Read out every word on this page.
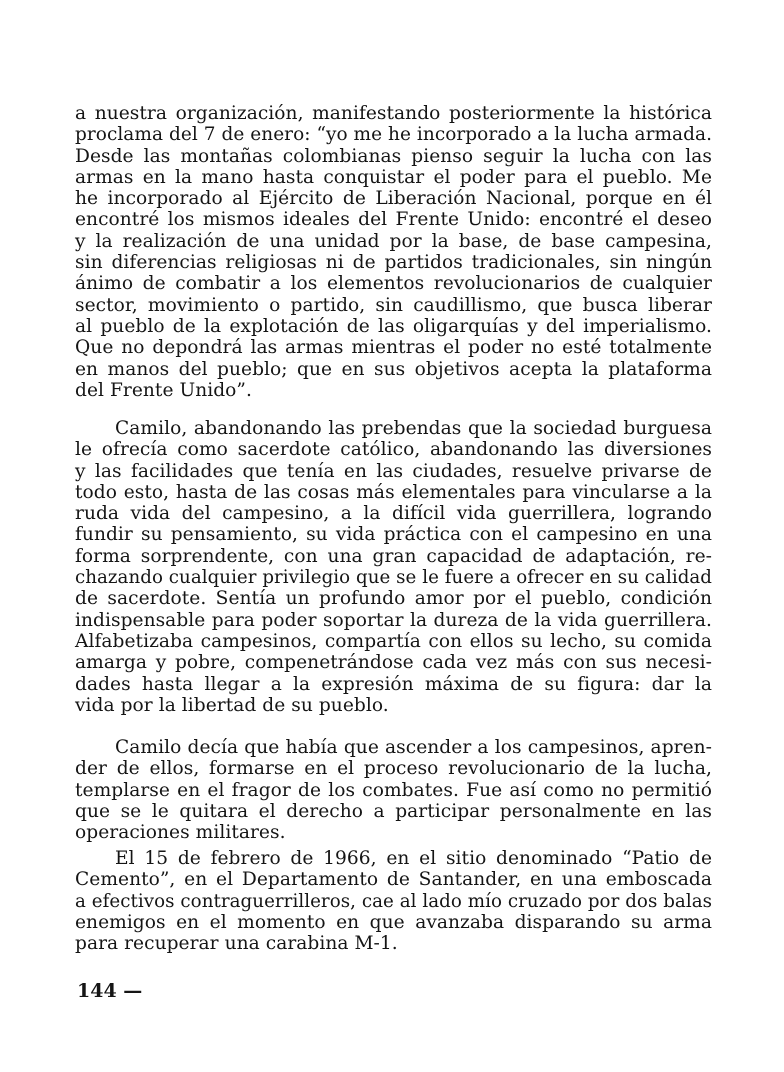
a nuestra organización, manifestando posteriormente la histórica
proclama del 7 de enero: “yo me he incorporado a la lucha armada.
Desde las montañas colombianas pienso seguir la lucha con las
armas en la mano hasta conquistar el poder para el pueblo. Me
he incorporado al Ejército de Liberación Nacional, porque en él
encontré los mismos ideales del Frente Unido: encontré el deseo
y la realización de una unidad por la base, de base campesina,
sin diferencias religiosas ni de partidos tradicionales, sin ningún
ánimo de combatir a los elementos revolucionarios de cualquier
sector, movimiento o partido, sin caudillismo, que busca liberar
al pueblo de la explotación de las oligarquías y del imperialismo.
Que no depondrá las armas mientras el poder no esté totalmente
en manos del pueblo; que en sus objetivos acepta la plataforma
del Frente Unido”.
Camilo, abandonando las prebendas que la sociedad burguesa
le ofrecía como sacerdote católico, abandonando las diversiones
y las facilidades que tenía en las ciudades, resuelve privarse de
todo esto, hasta de las cosas más elementales para vincularse a la
ruda vida del campesino, a la difícil vida guerrillera, logrando
fundir su pensamiento, su vida práctica con el campesino en una
forma sorprendente, con una gran capacidad de adaptación, re-
chazando cualquier privilegio que se le fuere a ofrecer en su calidad
de sacerdote. Sentía un profundo amor por el pueblo, condición
indispensable para poder soportar la dureza de la vida guerrillera.
Alfabetizaba campesinos, compartía con ellos su lecho, su comida
amarga y pobre, compenetrándose cada vez más con sus necesi-
dades hasta llegar a la expresión máxima de su figura: dar la
vida por la libertad de su pueblo.
Camilo decía que había que ascender a los campesinos, apren-
der de ellos, formarse en el proceso revolucionario de la lucha,
templarse en el fragor de los combates. Fue así como no permitió
que se le quitara el derecho a participar personalmente en las
operaciones militares.
El 15 de febrero de 1966, en el sitio denominado “Patio de
Cemento”, en el Departamento de Santander, en una emboscada
a efectivos contraguerrilleros, cae al lado mío cruzado por dos balas
enemigos en el momento en que avanzaba disparando su arma
para recuperar una carabina M-1.
144 —
